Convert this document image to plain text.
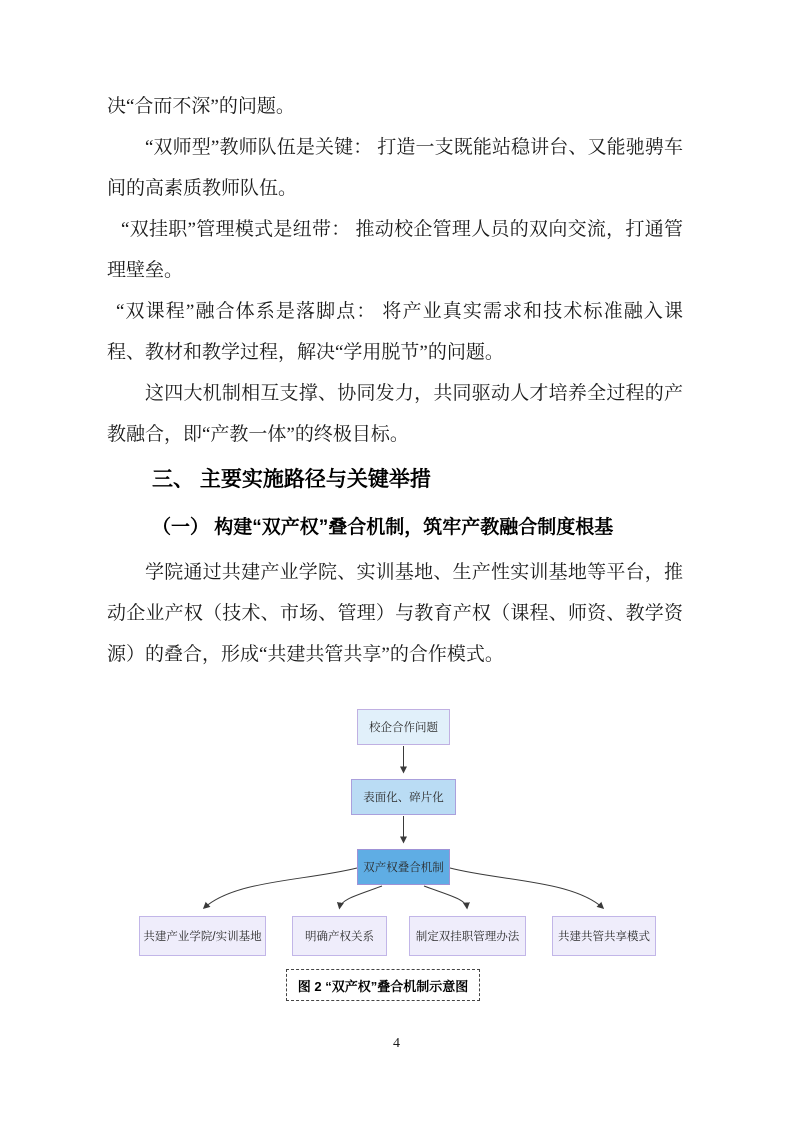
决“合而不深”的问题。

“双师型”教师队伍是关键： 打造一支既能站稳讲台、又能驰骋车间的高素质教师队伍。

“双挂职”管理模式是纽带： 推动校企管理人员的双向交流，打通管理壁垒。

“双课程”融合体系是落脚点： 将产业真实需求和技术标准融入课程、教材和教学过程，解决“学用脱节”的问题。

这四大机制相互支撑、协同发力，共同驱动人才培养全过程的产教融合，即“产教一体”的终极目标。

三、 主要实施路径与关键举措
（一） 构建“双产权”叠合机制，筑牢产教融合制度根基

学院通过共建产业学院、实训基地、生产性实训基地等平台，推动企业产权（技术、市场、管理）与教育产权（课程、师资、教学资源）的叠合，形成“共建共管共享”的合作模式。

校企合作问题
表面化、碎片化
双产权叠合机制
共建产业学院/实训基地	明确产权关系	制定双挂职管理办法	共建共管共享模式
图 2 “双产权”叠合机制示意图
4
